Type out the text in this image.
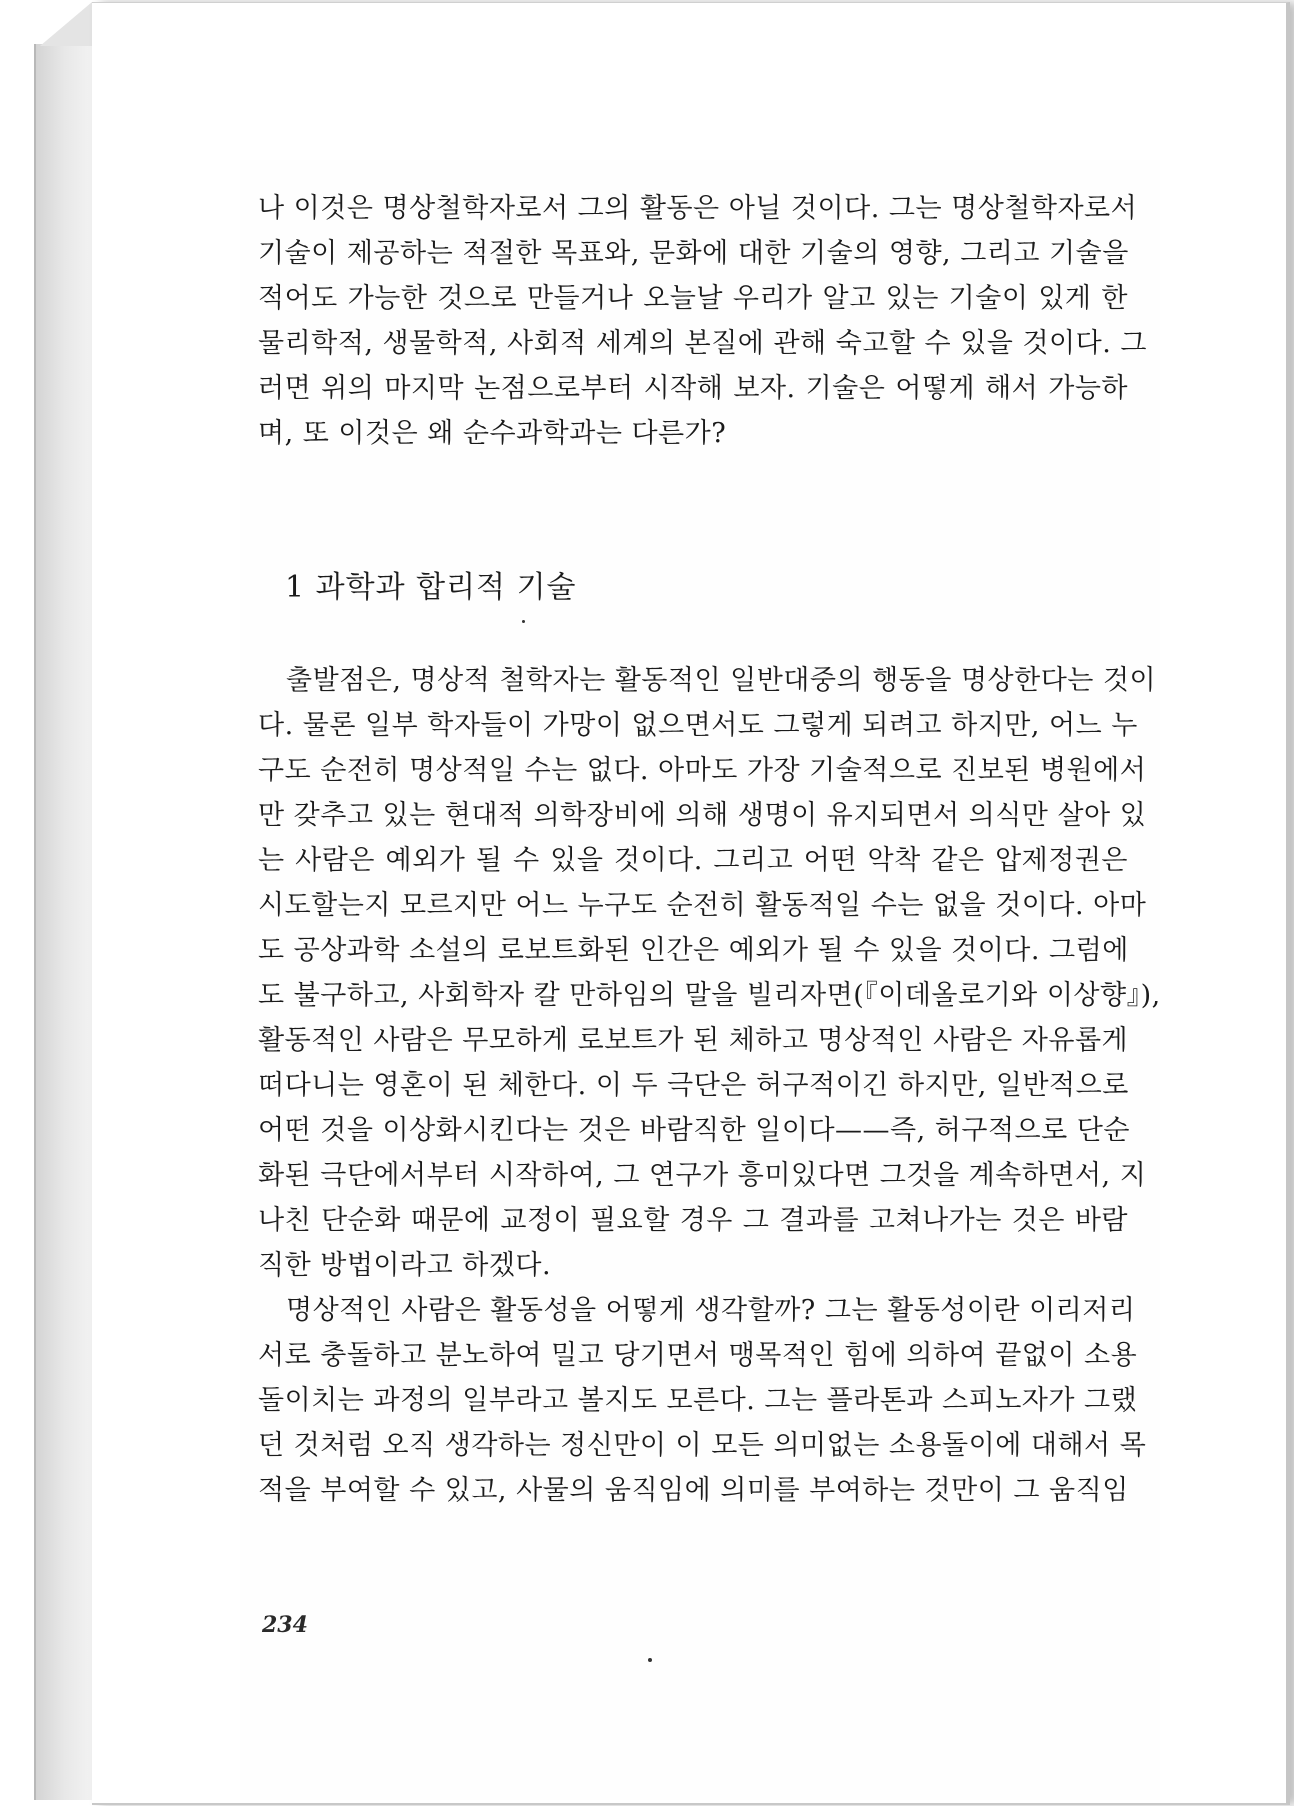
나 이것은 명상철학자로서 그의 활동은 아닐 것이다. 그는 명상철학자로서
기술이 제공하는 적절한 목표와, 문화에 대한 기술의 영향, 그리고 기술을
적어도 가능한 것으로 만들거나 오늘날 우리가 알고 있는 기술이 있게 한
물리학적, 생물학적, 사회적 세계의 본질에 관해 숙고할 수 있을 것이다. 그
러면 위의 마지막 논점으로부터 시작해 보자. 기술은 어떻게 해서 가능하
며, 또 이것은 왜 순수과학과는 다른가?
1 과학과 합리적 기술
출발점은, 명상적 철학자는 활동적인 일반대중의 행동을 명상한다는 것이
다. 물론 일부 학자들이 가망이 없으면서도 그렇게 되려고 하지만, 어느 누
구도 순전히 명상적일 수는 없다. 아마도 가장 기술적으로 진보된 병원에서
만 갖추고 있는 현대적 의학장비에 의해 생명이 유지되면서 의식만 살아 있
는 사람은 예외가 될 수 있을 것이다. 그리고 어떤 악착 같은 압제정권은
시도할는지 모르지만 어느 누구도 순전히 활동적일 수는 없을 것이다. 아마
도 공상과학 소설의 로보트화된 인간은 예외가 될 수 있을 것이다. 그럼에
도 불구하고, 사회학자 칼 만하임의 말을 빌리자면(『이데올로기와 이상향』),
활동적인 사람은 무모하게 로보트가 된 체하고 명상적인 사람은 자유롭게
떠다니는 영혼이 된 체한다. 이 두 극단은 허구적이긴 하지만, 일반적으로
어떤 것을 이상화시킨다는 것은 바람직한 일이다——즉, 허구적으로 단순
화된 극단에서부터 시작하여, 그 연구가 흥미있다면 그것을 계속하면서, 지
나친 단순화 때문에 교정이 필요할 경우 그 결과를 고쳐나가는 것은 바람
직한 방법이라고 하겠다.
명상적인 사람은 활동성을 어떻게 생각할까? 그는 활동성이란 이리저리
서로 충돌하고 분노하여 밀고 당기면서 맹목적인 힘에 의하여 끝없이 소용
돌이치는 과정의 일부라고 볼지도 모른다. 그는 플라톤과 스피노자가 그랬
던 것처럼 오직 생각하는 정신만이 이 모든 의미없는 소용돌이에 대해서 목
적을 부여할 수 있고, 사물의 움직임에 의미를 부여하는 것만이 그 움직임
234
